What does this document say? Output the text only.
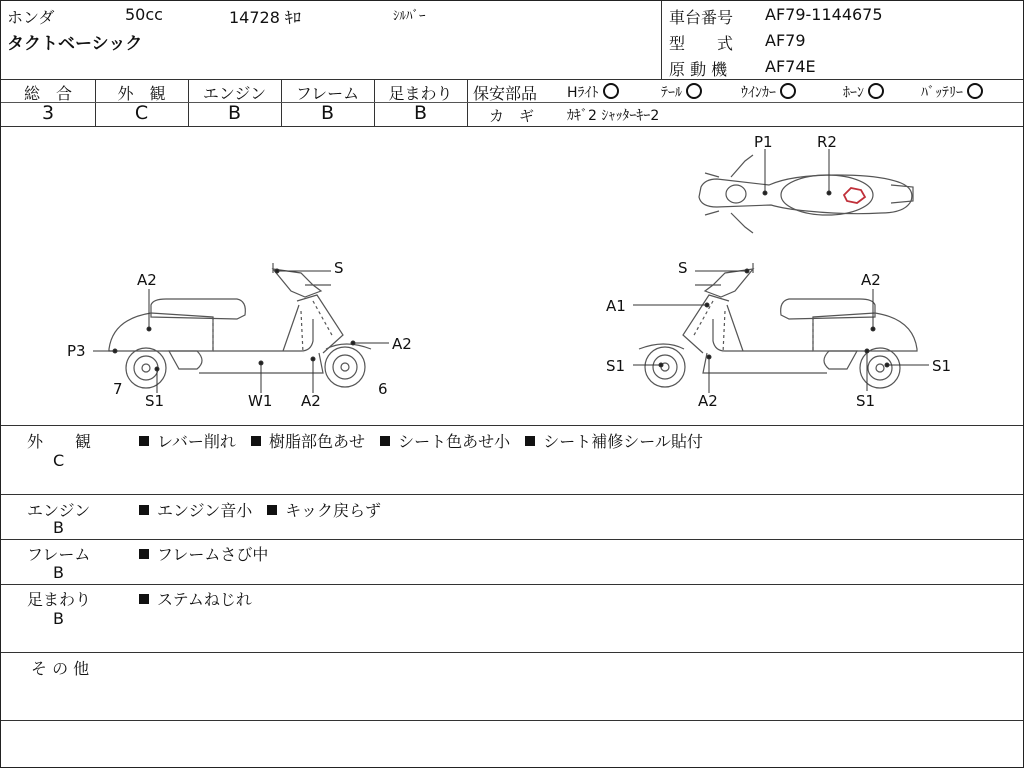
ホンダ	50cc	14728 ｷﾛ	ｼﾙﾊﾞｰ
タクトベーシック
車台番号 AF79-1144675
型　　式 AF79
原 動 機 AF74E
総　合	外　観	エンジン	フレーム	足まわり
3	C	B	B	B
保安部品 Hﾗｲﾄ	ﾃｰﾙ	ｳｲﾝｶｰ	ﾎｰﾝ	ﾊﾞｯﾃﾘｰ
カ　ギ ｶｷﾞ2 ｼｬｯﾀｰｷｰ2
A2
S
P3	A2
7
S1	W1 A2
6
S
A2
A1
A2
S1
S1
S1
P1	R2
外　　観
C
レバー削れ 樹脂部色あせ シート色あせ小 シート補修シール貼付
エンジン
B
エンジン音小 キック戻らず
フレーム
B
フレームさび中
足まわり
B
ステムねじれ
そ の 他
